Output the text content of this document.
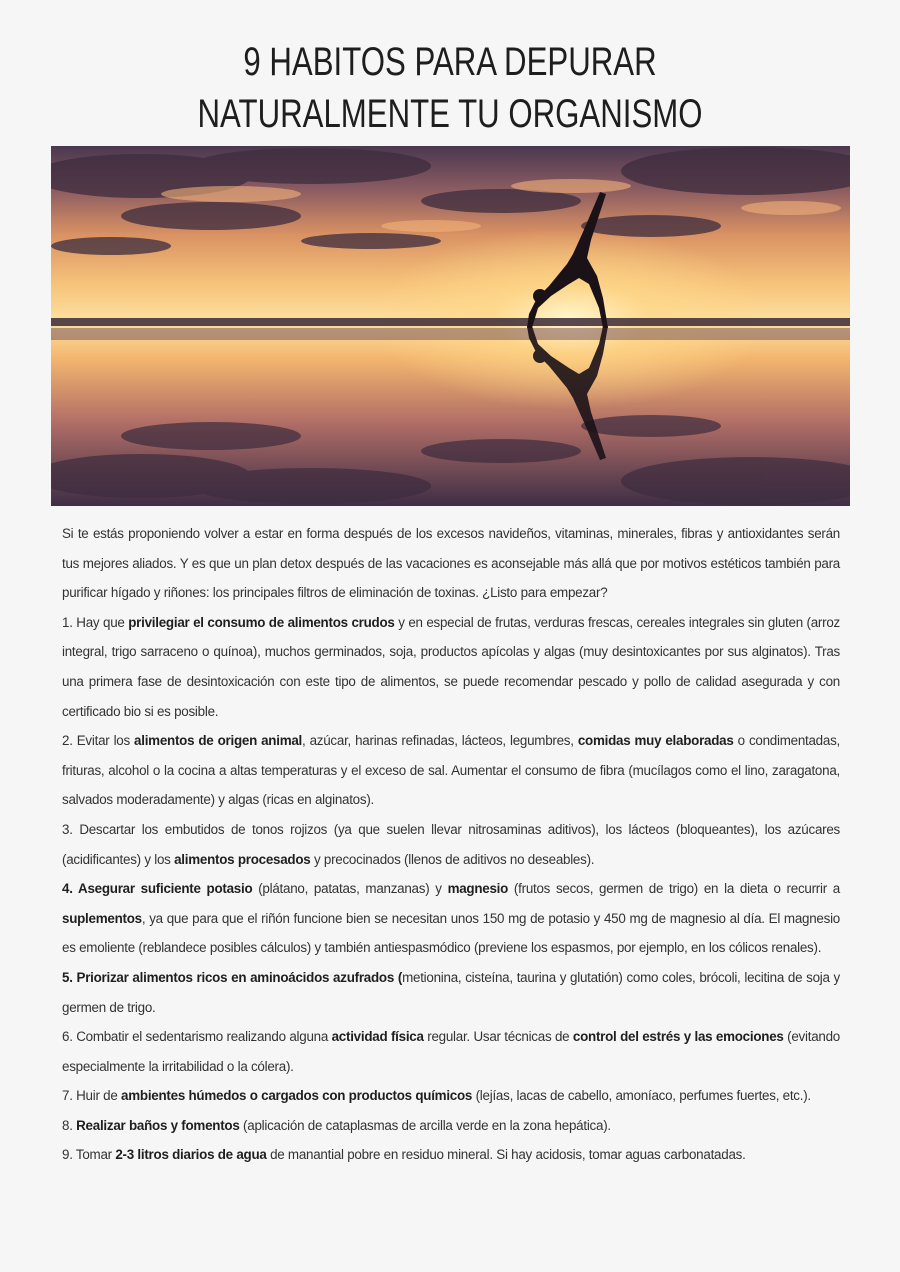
9 HABITOS PARA DEPURAR NATURALMENTE TU ORGANISMO

Si te estás proponiendo volver a estar en forma después de los excesos navideños, vitaminas, minerales, fibras y antioxidantes serán tus mejores aliados. Y es que un plan detox después de las vacaciones es aconsejable más allá que por motivos estéticos también para purificar hígado y riñones: los principales filtros de eliminación de toxinas. ¿Listo para empezar?

1. Hay que privilegiar el consumo de alimentos crudos y en especial de frutas, verduras frescas, cereales integrales sin gluten (arroz integral, trigo sarraceno o quínoa), muchos germinados, soja, productos apícolas y algas (muy desintoxicantes por sus alginatos). Tras una primera fase de desintoxicación con este tipo de alimentos, se puede recomendar pescado y pollo de calidad asegurada y con certificado bio si es posible.

2. Evitar los alimentos de origen animal, azúcar, harinas refinadas, lácteos, legumbres, comidas muy elaboradas o condimentadas, frituras, alcohol o la cocina a altas temperaturas y el exceso de sal. Aumentar el consumo de fibra (mucílagos como el lino, zaragatona, salvados moderadamente) y algas (ricas en alginatos).

3. Descartar los embutidos de tonos rojizos (ya que suelen llevar nitrosaminas aditivos), los lácteos (bloqueantes), los azúcares (acidificantes) y los alimentos procesados y precocinados (llenos de aditivos no deseables).

4. Asegurar suficiente potasio (plátano, patatas, manzanas) y magnesio (frutos secos, germen de trigo) en la dieta o recurrir a suplementos, ya que para que el riñón funcione bien se necesitan unos 150 mg de potasio y 450 mg de magnesio al día. El magnesio es emoliente (reblandece posibles cálculos) y también antiespasmódico (previene los espasmos, por ejemplo, en los cólicos renales).

5. Priorizar alimentos ricos en aminoácidos azufrados (metionina, cisteína, taurina y glutatión) como coles, brócoli, lecitina de soja y germen de trigo.

6. Combatir el sedentarismo realizando alguna actividad física regular. Usar técnicas de control del estrés y las emociones (evitando especialmente la irritabilidad o la cólera).

7. Huir de ambientes húmedos o cargados con productos químicos (lejías, lacas de cabello, amoníaco, perfumes fuertes, etc.).

8. Realizar baños y fomentos (aplicación de cataplasmas de arcilla verde en la zona hepática).

9. Tomar 2-3 litros diarios de agua de manantial pobre en residuo mineral. Si hay acidosis, tomar aguas carbonatadas.
